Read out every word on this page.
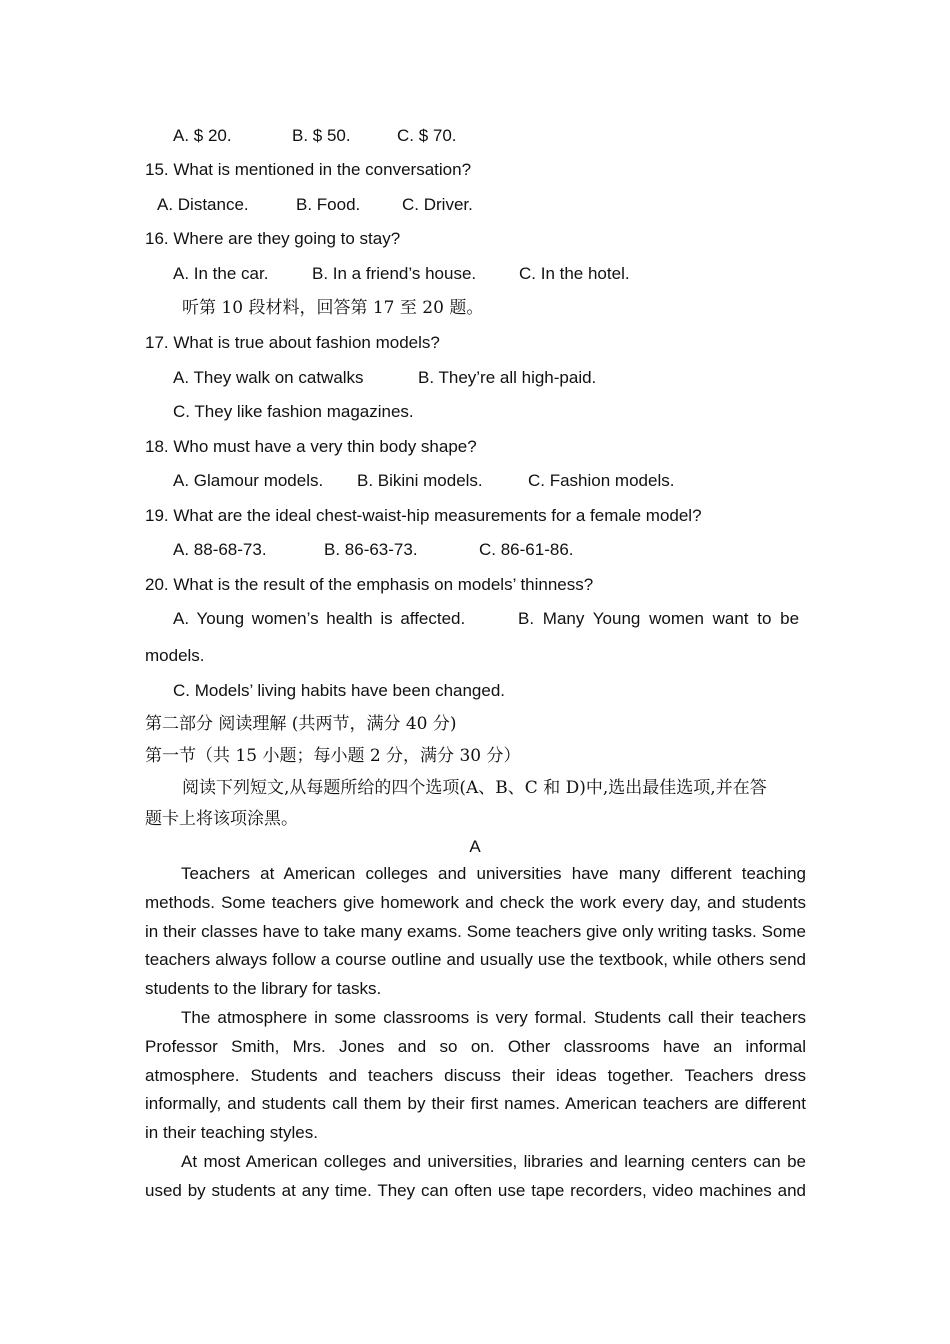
A. $ 20.	B. $ 50.	C. $ 70.
15. What is mentioned in the conversation?
A. Distance.	B. Food. C. Driver.
16. Where are they going to stay?
A. In the car.	B. In a friend’s house.	C. In the hotel.
听第 10 段材料，回答第 17 至 20 题。
17. What is true about fashion models?
A. They walk on catwalks	B. They’re all high-paid.
C. They like fashion magazines.
18. Who must have a very thin body shape?
A. Glamour models. B. Bikini models.	C. Fashion models.
19. What are the ideal chest-waist-hip measurements for a female model?
A. 88-68-73.	B. 86-63-73.	C. 86-61-86.
20. What is the result of the emphasis on models’ thinness?
A. Young women’s health is affected.	B. Many Young women want to be
models.
C. Models’ living habits have been changed.
第二部分 阅读理解 (共两节，满分 40 分)
第一节（共 15 小题；每小题 2 分，满分 30 分）
阅读下列短文,从每题所给的四个选项(A、B、C 和 D)中,选出最佳选项,并在答
题卡上将该项涂黑。
A
Teachers at American colleges and universities have many different teaching methods. Some teachers give homework and check the work every day, and students in their classes have to take many exams. Some teachers give only writing tasks. Some teachers always follow a course outline and usually use the textbook, while others send students to the library for tasks.
The atmosphere in some classrooms is very formal. Students call their teachers Professor Smith, Mrs. Jones and so on. Other classrooms have an informal atmosphere. Students and teachers discuss their ideas together. Teachers dress informally, and students call them by their first names. American teachers are different in their teaching styles.
At most American colleges and universities, libraries and learning centers can be used by students at any time. They can often use tape recorders, video machines and
